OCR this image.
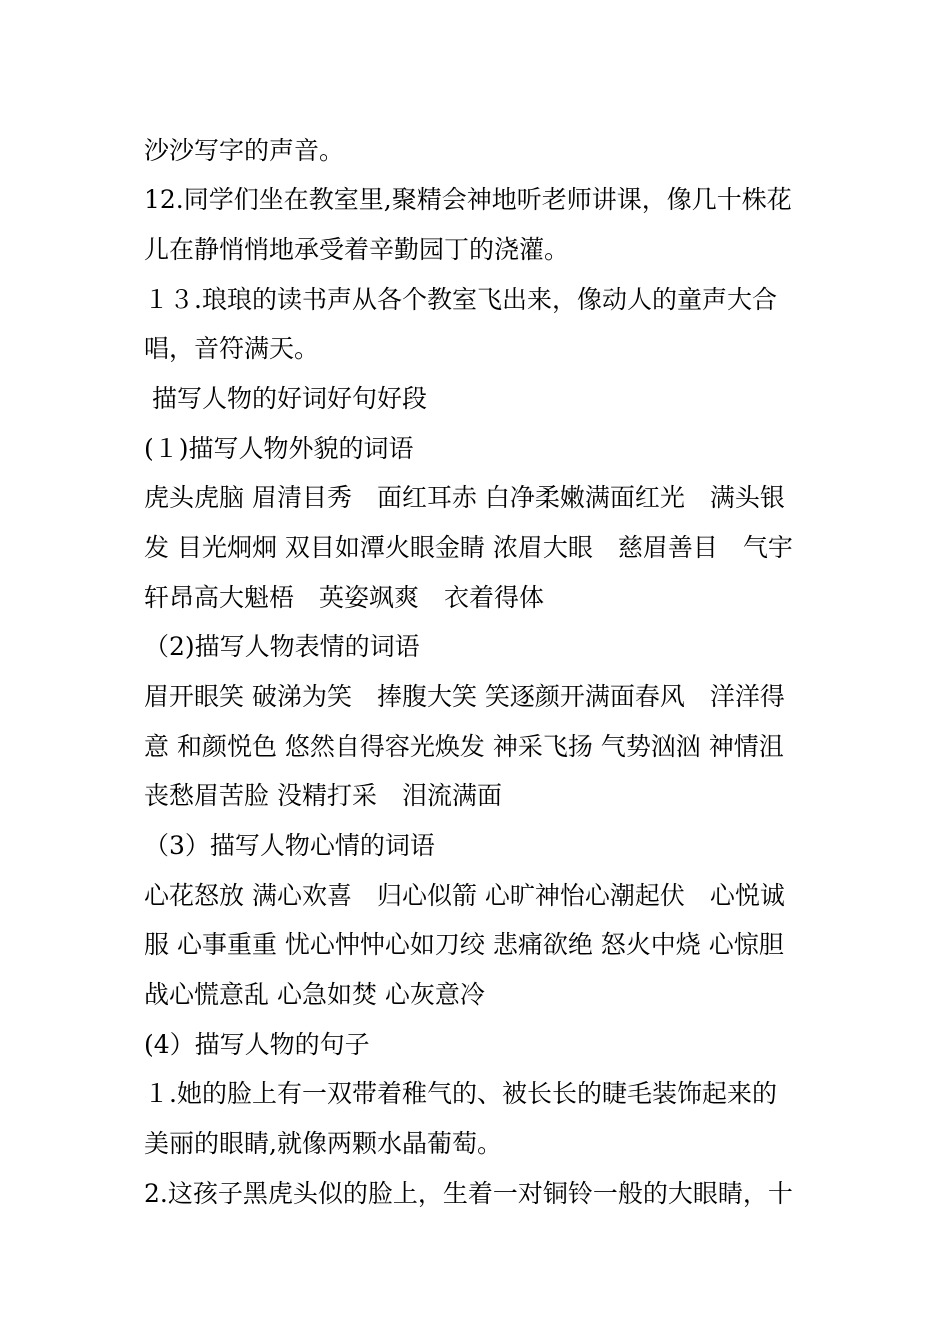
沙沙写字的声音。
12.同学们坐在教室里,聚精会神地听老师讲课，像几十株花
儿在静悄悄地承受着辛勤园丁的浇灌。
１３.琅琅的读书声从各个教室飞出来，像动人的童声大合
唱，音符满天。
描写人物的好词好句好段
(１)描写人物外貌的词语
虎头虎脑 眉清目秀　面红耳赤 白净柔嫩满面红光　满头银
发 目光炯炯 双目如潭火眼金睛 浓眉大眼　慈眉善目　气宇
轩昂高大魁梧　英姿飒爽　衣着得体
（2)描写人物表情的词语
眉开眼笑 破涕为笑　捧腹大笑 笑逐颜开满面春风　洋洋得
意 和颜悦色 悠然自得容光焕发 神采飞扬 气势汹汹 神情沮
丧愁眉苦脸 没精打采　泪流满面
（3）描写人物心情的词语
心花怒放 满心欢喜　归心似箭 心旷神怡心潮起伏　心悦诚
服 心事重重 忧心忡忡心如刀绞 悲痛欲绝 怒火中烧 心惊胆
战心慌意乱 心急如焚 心灰意冷
(4）描写人物的句子
１.她的脸上有一双带着稚气的、被长长的睫毛装饰起来的
美丽的眼睛,就像两颗水晶葡萄。
2.这孩子黑虎头似的脸上，生着一对铜铃一般的大眼睛，十
